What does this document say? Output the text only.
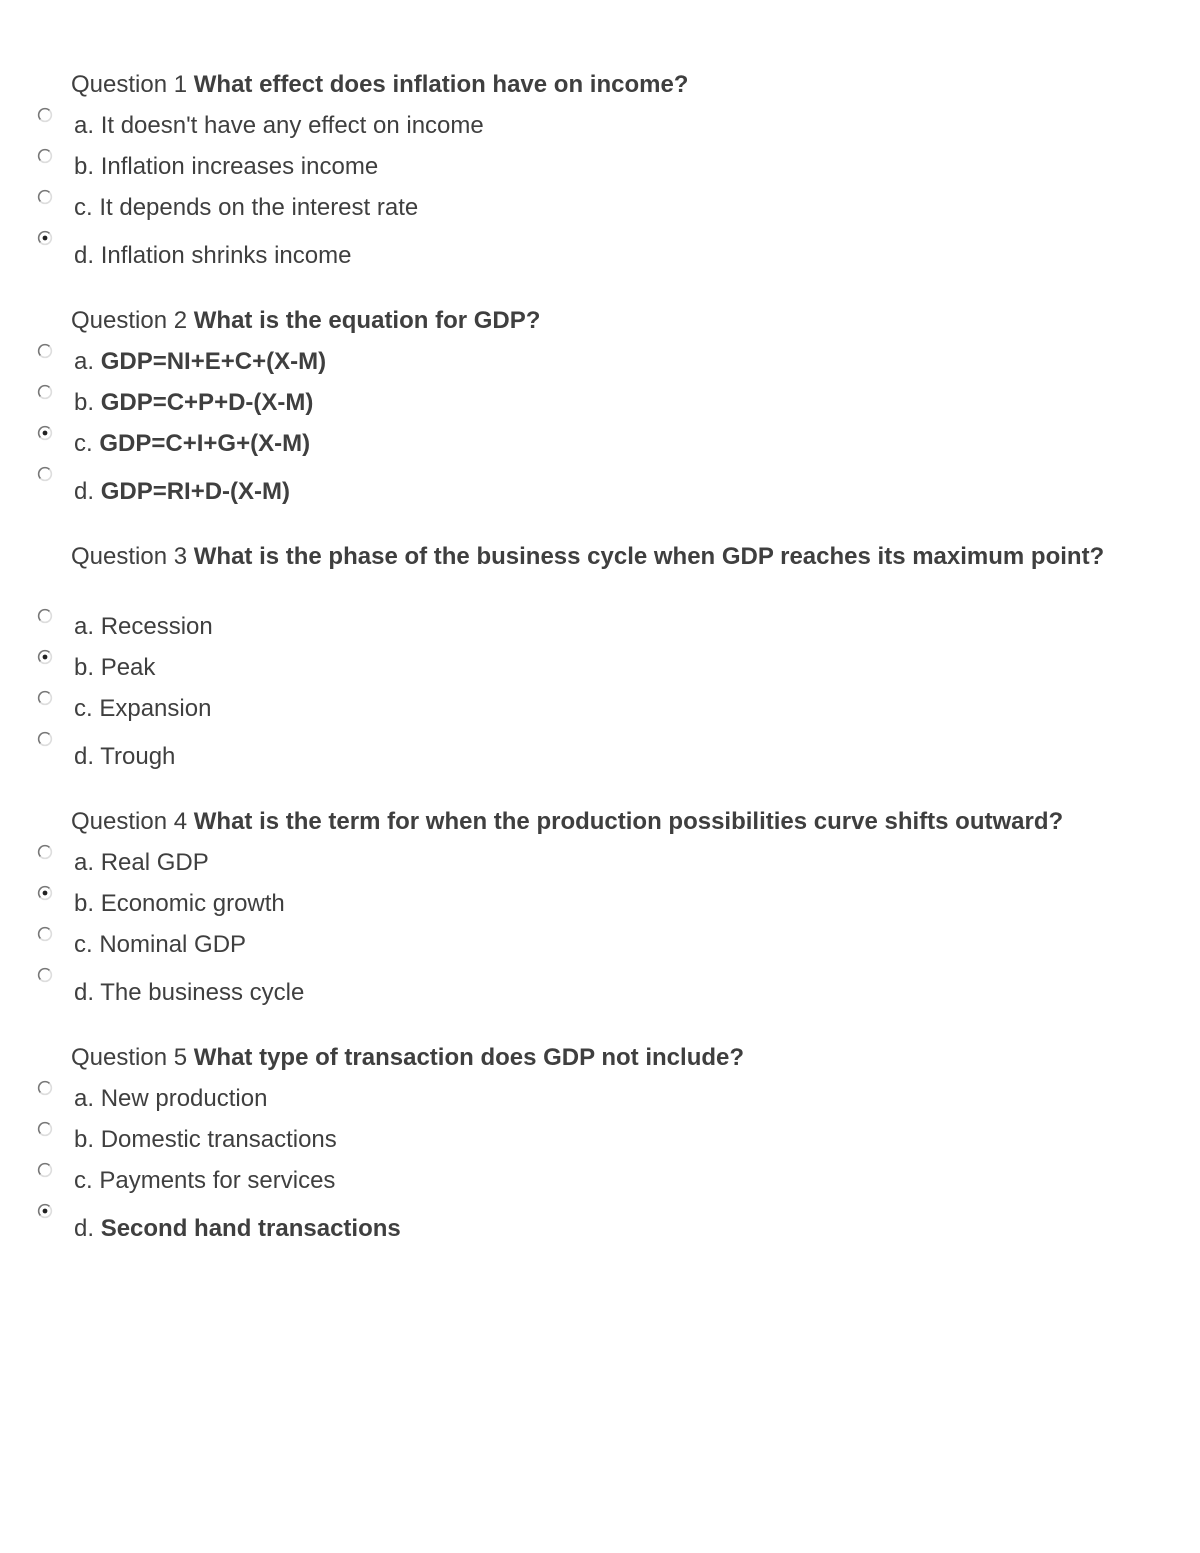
Question 1 What effect does inflation have on income?
a. It doesn't have any effect on income
b. Inflation increases income
c. It depends on the interest rate
d. Inflation shrinks income
Question 2 What is the equation for GDP?
a. GDP=NI+E+C+(X-M)
b. GDP=C+P+D-(X-M)
c. GDP=C+I+G+(X-M)
d. GDP=RI+D-(X-M)
Question 3 What is the phase of the business cycle when GDP reaches its maximum point?
a. Recession
b. Peak
c. Expansion
d. Trough
Question 4 What is the term for when the production possibilities curve shifts outward?
a. Real GDP
b. Economic growth
c. Nominal GDP
d. The business cycle
Question 5 What type of transaction does GDP not include?
a. New production
b. Domestic transactions
c. Payments for services
d. Second hand transactions
